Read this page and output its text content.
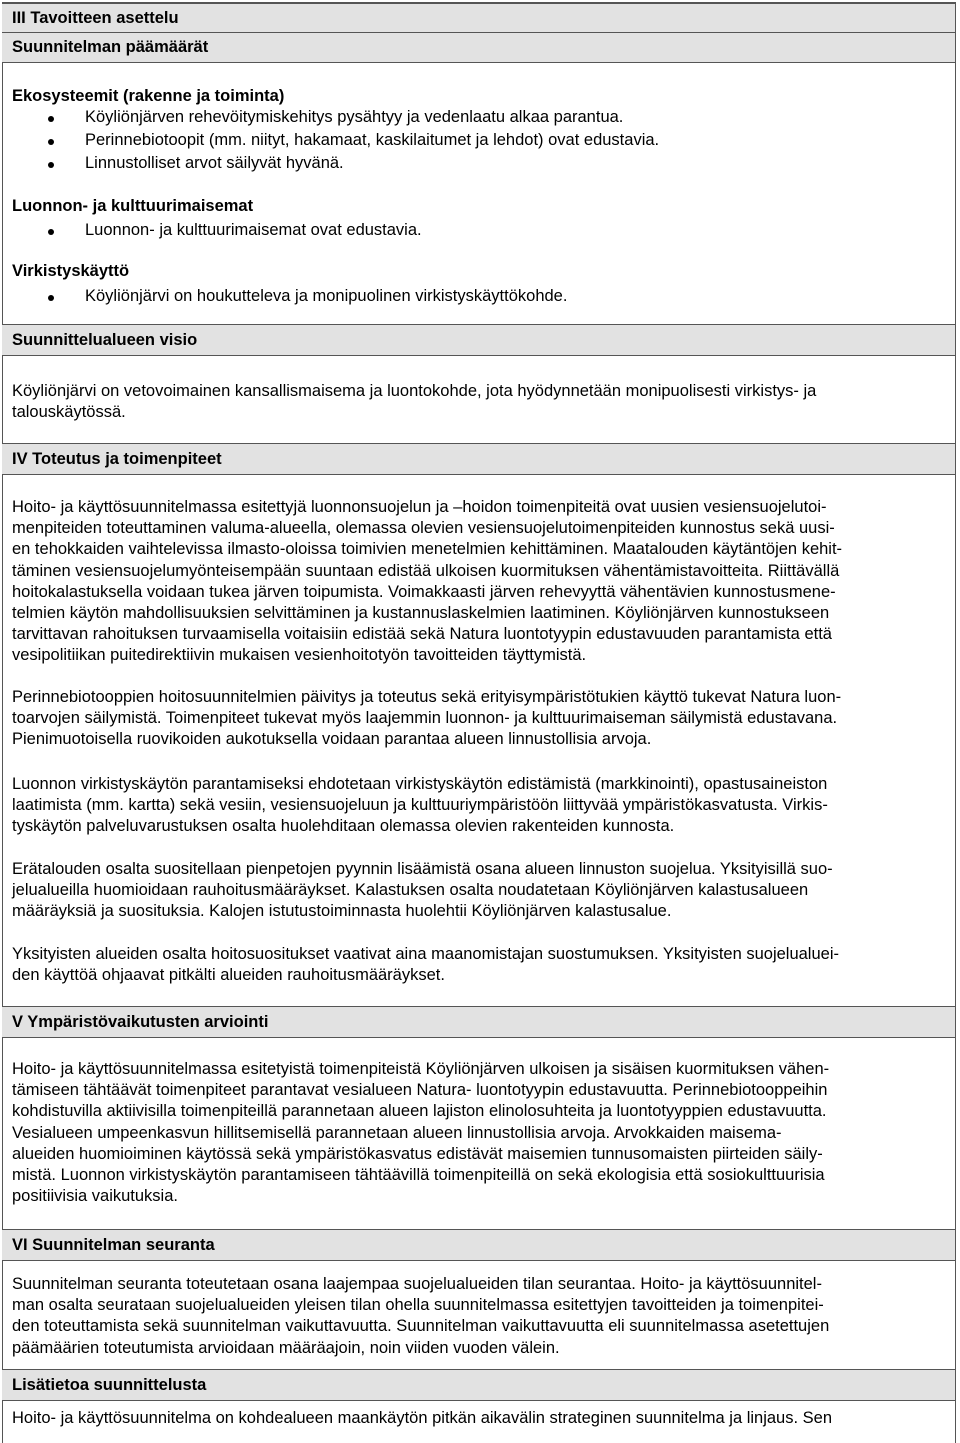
III Tavoitteen asettelu
Suunnitelman päämäärät
Ekosysteemit (rakenne ja toiminta)
Köyliönjärven rehevöitymiskehitys pysähtyy ja vedenlaatu alkaa parantua.
Perinnebiotoopit (mm. niityt, hakamaat, kaskilaitumet ja lehdot) ovat edustavia.
Linnustolliset arvot säilyvät hyvänä.
Luonnon- ja kulttuurimaisemat
Luonnon- ja kulttuurimaisemat ovat edustavia.
Virkistyskäyttö
Köyliönjärvi on houkutteleva ja monipuolinen virkistyskäyttökohde.
Suunnittelualueen visio
Köyliönjärvi on vetovoimainen kansallismaisema ja luontokohde, jota hyödynnetään monipuolisesti virkistys- ja
talouskäytössä.
IV Toteutus ja toimenpiteet
Hoito- ja käyttösuunnitelmassa esitettyjä luonnonsuojelun ja –hoidon toimenpiteitä ovat uusien vesiensuojelutoi-
menpiteiden toteuttaminen valuma-alueella, olemassa olevien vesiensuojelutoimenpiteiden kunnostus sekä uusi-
en tehokkaiden vaihtelevissa ilmasto-oloissa toimivien menetelmien kehittäminen. Maatalouden käytäntöjen kehit-
täminen vesiensuojelumyönteisempään suuntaan edistää ulkoisen kuormituksen vähentämistavoitteita. Riittävällä
hoitokalastuksella voidaan tukea järven toipumista. Voimakkaasti järven rehevyyttä vähentävien kunnostusmene-
telmien käytön mahdollisuuksien selvittäminen ja kustannuslaskelmien laatiminen. Köyliönjärven kunnostukseen
tarvittavan rahoituksen turvaamisella voitaisiin edistää sekä Natura luontotyypin edustavuuden parantamista että
vesipolitiikan puitedirektiivin mukaisen vesienhoitotyön tavoitteiden täyttymistä.
Perinnebiotooppien hoitosuunnitelmien päivitys ja toteutus sekä erityisympäristötukien käyttö tukevat Natura luon-
toarvojen säilymistä. Toimenpiteet tukevat myös laajemmin luonnon- ja kulttuurimaiseman säilymistä edustavana.
Pienimuotoisella ruovikoiden aukotuksella voidaan parantaa alueen linnustollisia arvoja.
Luonnon virkistyskäytön parantamiseksi ehdotetaan virkistyskäytön edistämistä (markkinointi), opastusaineiston
laatimista (mm. kartta) sekä vesiin, vesiensuojeluun ja kulttuuriympäristöön liittyvää ympäristökasvatusta. Virkis-
tyskäytön palveluvarustuksen osalta huolehditaan olemassa olevien rakenteiden kunnosta.
Erätalouden osalta suositellaan pienpetojen pyynnin lisäämistä osana alueen linnuston suojelua. Yksityisillä suo-
jelualueilla huomioidaan rauhoitusmääräykset. Kalastuksen osalta noudatetaan Köyliönjärven kalastusalueen
määräyksiä ja suosituksia. Kalojen istutustoiminnasta huolehtii Köyliönjärven kalastusalue.
Yksityisten alueiden osalta hoitosuositukset vaativat aina maanomistajan suostumuksen. Yksityisten suojelualuei-
den käyttöä ohjaavat pitkälti alueiden rauhoitusmääräykset.
V Ympäristövaikutusten arviointi
Hoito- ja käyttösuunnitelmassa esitetyistä toimenpiteistä Köyliönjärven ulkoisen ja sisäisen kuormituksen vähen-
tämiseen tähtäävät toimenpiteet parantavat vesialueen Natura- luontotyypin edustavuutta. Perinnebiotooppeihin
kohdistuvilla aktiivisilla toimenpiteillä parannetaan alueen lajiston elinolosuhteita ja luontotyyppien edustavuutta.
Vesialueen umpeenkasvun hillitsemisellä parannetaan alueen linnustollisia arvoja. Arvokkaiden maisema-
alueiden huomioiminen käytössä sekä ympäristökasvatus edistävät maisemien tunnusomaisten piirteiden säily-
mistä. Luonnon virkistyskäytön parantamiseen tähtäävillä toimenpiteillä on sekä ekologisia että sosiokulttuurisia
positiivisia vaikutuksia.
VI Suunnitelman seuranta
Suunnitelman seuranta toteutetaan osana laajempaa suojelualueiden tilan seurantaa. Hoito- ja käyttösuunnitel-
man osalta seurataan suojelualueiden yleisen tilan ohella suunnitelmassa esitettyjen tavoitteiden ja toimenpitei-
den toteuttamista sekä suunnitelman vaikuttavuutta. Suunnitelman vaikuttavuutta eli suunnitelmassa asetettujen
päämäärien toteutumista arvioidaan määräajoin, noin viiden vuoden välein.
Lisätietoa suunnittelusta
Hoito- ja käyttösuunnitelma on kohdealueen maankäytön pitkän aikavälin strateginen suunnitelma ja linjaus. Sen
